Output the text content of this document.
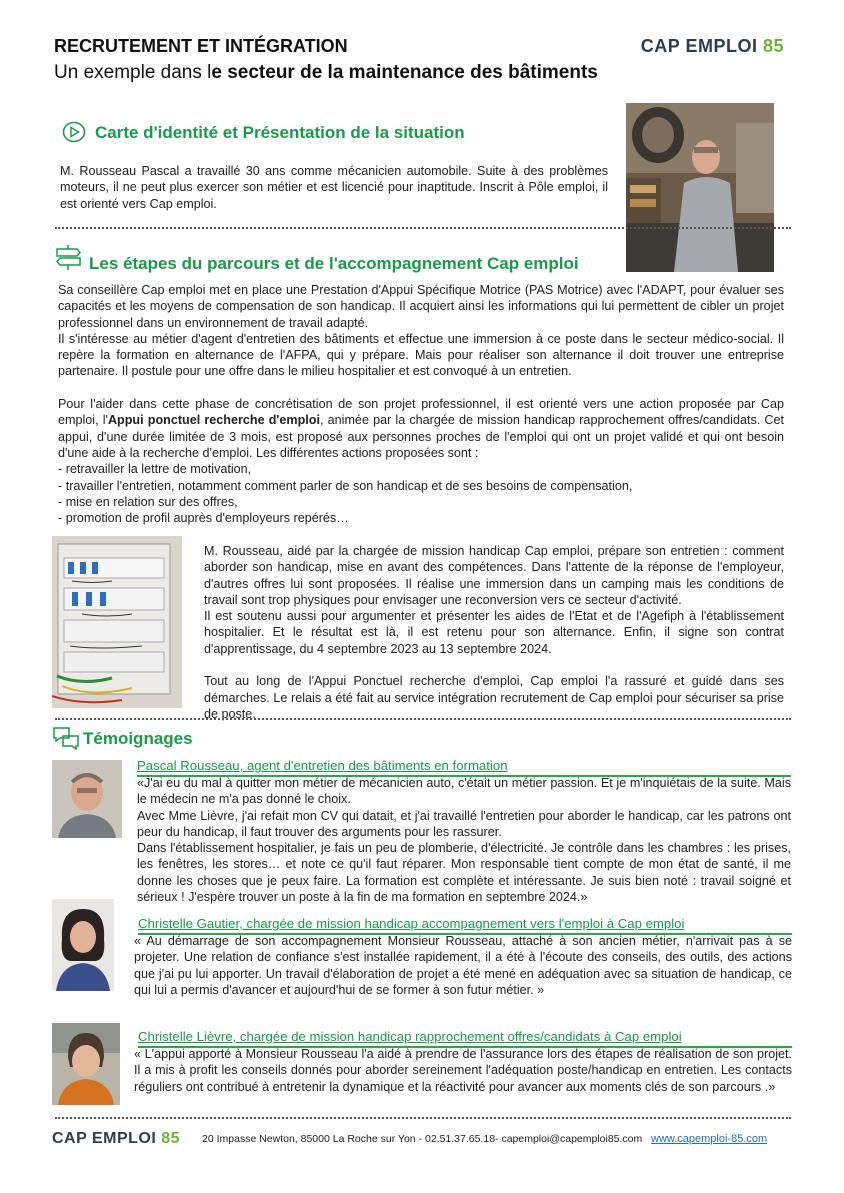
RECRUTEMENT ET INTÉGRATION
Un exemple dans le secteur de la maintenance des bâtiments
CAP EMPLOI 85
Carte d'identité et Présentation de la situation
M. Rousseau Pascal a travaillé 30 ans comme mécanicien automobile. Suite à des problèmes moteurs, il ne peut plus exercer son métier et est licencié pour inaptitude. Inscrit à Pôle emploi, il est orienté vers Cap emploi.
Les étapes du parcours et de l'accompagnement Cap emploi

Sa conseillère Cap emploi met en place une Prestation d'Appui Spécifique Motrice (PAS Motrice) avec l'ADAPT, pour évaluer ses capacités et les moyens de compensation de son handicap. Il acquiert ainsi les informations qui lui permettent de cibler un projet professionnel dans un environnement de travail adapté.

Il s'intéresse au métier d'agent d'entretien des bâtiments et effectue une immersion à ce poste dans le secteur médico-social. Il repère la formation en alternance de l'AFPA, qui y prépare. Mais pour réaliser son alternance il doit trouver une entreprise partenaire. Il postule pour une offre dans le milieu hospitalier et est convoqué à un entretien.

Pour l'aider dans cette phase de concrétisation de son projet professionnel, il est orienté vers une action proposée par Cap emploi, l'Appui ponctuel recherche d'emploi, animée par la chargée de mission handicap rapprochement offres/candidats. Cet appui, d'une durée limitée de 3 mois, est proposé aux personnes proches de l'emploi qui ont un projet validé et qui ont besoin d'une aide à la recherche d'emploi. Les différentes actions proposées sont :

- retravailler la lettre de motivation,

- travailler l'entretien, notamment comment parler de son handicap et de ses besoins de compensation,

- mise en relation sur des offres,

- promotion de profil auprès d'employeurs repérés…

M. Rousseau, aidé par la chargée de mission handicap Cap emploi, prépare son entretien : comment aborder son handicap, mise en avant des compétences. Dans l'attente de la réponse de l'employeur, d'autres offres lui sont proposées. Il réalise une immersion dans un camping mais les conditions de travail sont trop physiques pour envisager une reconversion vers ce secteur d'activité.

Il est soutenu aussi pour argumenter et présenter les aides de l'Etat et de l'Agefiph à l'établissement hospitalier. Et le résultat est là, il est retenu pour son alternance. Enfin, il signe son contrat d'apprentissage, du 4 septembre 2023 au 13 septembre 2024.

Tout au long de l'Appui Ponctuel recherche d'emploi, Cap emploi l'a rassuré et guidé dans ses démarches. Le relais a été fait au service intégration recrutement de Cap emploi pour sécuriser sa prise de poste.

Témoignages
Pascal Rousseau, agent d'entretien des bâtiments en formation

«J'ai eu du mal à quitter mon métier de mécanicien auto, c'était un métier passion. Et je m'inquiétais de la suite. Mais le médecin ne m'a pas donné le choix.

Avec Mme Lièvre, j'ai refait mon CV qui datait, et j'ai travaillé l'entretien pour aborder le handicap, car les patrons ont peur du handicap, il faut trouver des arguments pour les rassurer.

Dans l'établissement hospitalier, je fais un peu de plomberie, d'électricité. Je contrôle dans les chambres : les prises, les fenêtres, les stores… et note ce qu'il faut réparer. Mon responsable tient compte de mon état de santé, il me donne les choses que je peux faire. La formation est complète et intéressante. Je suis bien noté : travail soigné et sérieux ! J'espère trouver un poste à la fin de ma formation en septembre 2024.»

Christelle Gautier, chargée de mission handicap accompagnement vers l'emploi à Cap emploi

« Au démarrage de son accompagnement Monsieur Rousseau, attaché à son ancien métier, n'arrivait pas à se projeter. Une relation de confiance s'est installée rapidement, il a été à l'écoute des conseils, des outils, des actions que j'ai pu lui apporter. Un travail d'élaboration de projet a été mené en adéquation avec sa situation de handicap, ce qui lui a permis d'avancer et aujourd'hui de se former à son futur métier. »

Christelle Lièvre, chargée de mission handicap rapprochement offres/candidats à Cap emploi

« L'appui apporté à Monsieur Rousseau l'a aidé à prendre de l'assurance lors des étapes de réalisation de son projet. Il a mis à profit les conseils donnés pour aborder sereinement l'adéquation poste/handicap en entretien. Les contacts réguliers ont contribué à entretenir la dynamique et la réactivité pour avancer aux moments clés de son parcours .»

CAP EMPLOI 85 20 Impasse Newton, 85000 La Roche sur Yon - 02.51.37.65.18- capemploi@capemploi85.com www.capemploi-85.com
